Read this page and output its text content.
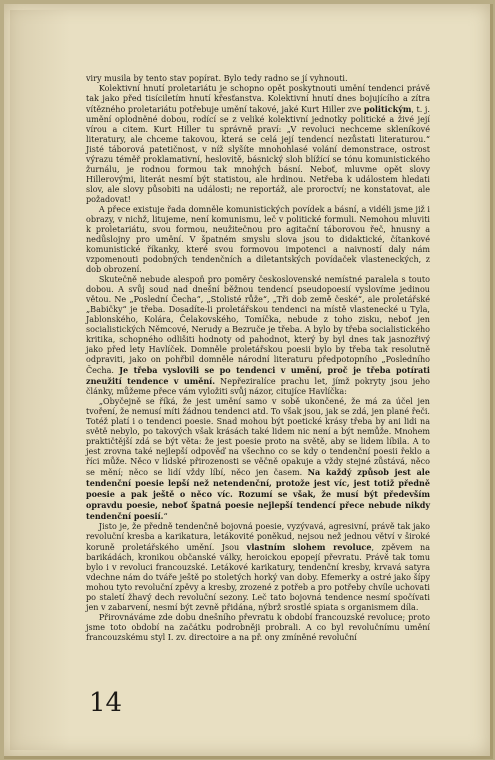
viry musila by tento stav popírat. Bylo tedy radno se jí vyhnouti.

Kolektivní hnutí proletariátu je schopno opět poskytnouti umění tendenci právě tak jako před tisíciletím hnutí křesťanstva. Kolektivní hnutí dnes bojujícího a zítra vítězného proletariátu potřebuje umění takové, jaké Kurt Hiller zve politickým, t. j. umění oplodněné dobou, rodící se z veliké kolektivní jednotky politické a živé její vírou a citem. Kurt Hiller tu správně praví: „V revoluci nechceme skleníkové literatury, ale chceme takovou, která se celá její tendencí nezůstati literaturou.“ Jisté táborová patetičnost, v níž slyšíte mnohohlasé volání demonstrace, ostrost výrazu téměř proklamativní, heslovitě, básnický sloh blížící se tónu komunistického žurnálu, je rodnou formou tak mnohých básní. Neboť, mluvme opět slovy Hillerovými, literát nesmí být statistou, ale hrdinou. Netřeba k událostem hledati slov, ale slovy působiti na události; ne reportáž, ale proroctví; ne konstatovat, ale požadovat!

A přece existuje řada domněle komunistických povídek a básní, a vidéli jsme již i obrazy, v nichž, litujeme, není komunismu, leč v politické formuli. Nemohou mluviti k proletariátu, svou formou, neužitečnou pro agitační táborovou řeč, hnusny a nedůslojny pro umění. V špatném smyslu slova jsou to didaktické, čítankové komunistické říkanky, které svou formovou impotenci a naivností daly nám vzpomenouti podobných tendenčních a diletantských povídaček vlasteneckých, z dob obrození.

Skutečně nebude alespoň pro poměry československé nemístné paralela s touto dobou. A svůj soud nad dnešní běžnou tendencí pseudopoesií vyslovíme jedinou větou. Ne „Poslední Čecha“, „Stolisté růže“, „Tři dob země české“, ale proletářské „Babičky“ je třeba. Dosadíte-li proletářskou tendenci na místě vlastenecké u Tyla, Jablonského, Kolára, Čelakovského, Tomíčka, nebude z toho zisku, neboť jen socialistických Němcové, Nerudy a Bezruče je třeba. A bylo by třeba socialistického kritika, schopného odlišiti hodnoty od pahodnot, který by byl dnes tak jasnozřivý jako před lety Havlíček. Domněle proletářskou poesii bylo by třeba tak resolutně odpraviti, jako on pohřbil domněle národní literaturu předpotopního „Posledního Čecha. Je třeba vyslovili se po tendenci v umění, proč je třeba potírati zneužití tendence v umění. Nepřeziralíce prachu let, jímž pokryty jsou jeho články, můžeme přece vám vyložiti svůj názor, citujíce Havlíčka:

„Obyčejně se říká, že jest umění samo v sobě ukončené, že má za účel jen tvoření, že nemusí míti žádnou tendenci atd. To však jsou, jak se zdá, jen plané řeči. Totéž platí i o tendenci poesie. Snad mohou být poetické krásy třeba by ani lidi na světě nebylo, po takových však krásách také lidem nic není a být nemůže. Mnohem praktičtější zdá se být věta: že jest poesie proto na světě, aby se lidem líbila. A to jest zrovna také nejlepší odpověď na všechno co se kdy o tendenční poesii řeklo a říci může. Něco v lidské přirozenosti se věčně opakuje a vždy stejné zůstává, něco se mění; něco se lidí vždy líbí, něco jen časem. Na každý způsob jest ale tendenční poesie lepší než netendenční, protože jest víc, jest totiž předně poesie a pak ještě o něco víc. Rozumí se však, že musí být především opravdu poesie, neboť špatná poesie nejlepší tendencí přece nebude nikdy tendenční poesií.“

Jisto je, že předně tendenčně bojovná poesie, vyzývavá, agresivní, právě tak jako revoluční kresba a karikatura, letákovité poněkud, nejsou než jednou větví v široké koruně proletářského umění. Jsou vlastním slohem revoluce, zpěvem na barikádách, kronikou občanské války, heroickou epopejí převratu. Právě tak tomu bylo i v revoluci francouzské. Letákové karikatury, tendenční kresby, krvavá satyra vdechne nám do tváře ještě po stoletých horký van doby. Efemerky a ostré jako šípy mohou tyto revoluční zpěvy a kresby, zrozené z potřeb a pro potřeby chvíle uchovati po staletí žhavý dech revoluční sezony. Leč tato bojovná tendence nesmí spočívati jen v zabarvení, nesmí být zevně přidána, nýbrž srostlé spiata s organismem díla.

Přirovnáváme zde dobu dnešního převratu k období francouzské revoluce; proto jsme toto období na začátku podrobněji probrali. A co byl revolučnímu umění francouzskému styl I. zv. directoire a na př. ony zmíněné revoluční

14
